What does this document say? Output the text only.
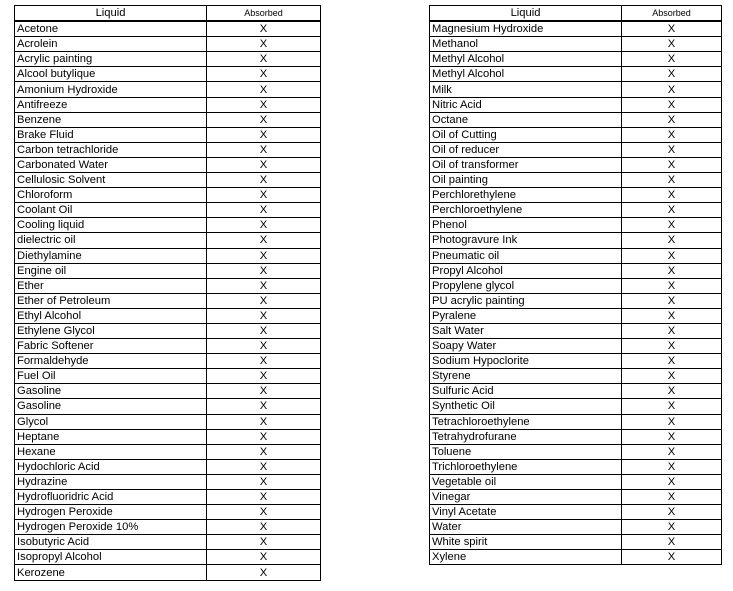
Liquid	Absorbed
Acetone	X
Acrolein	X
Acrylic painting	X
Alcool butylique	X
Amonium Hydroxide	X
Antifreeze	X
Benzene	X
Brake Fluid	X
Carbon tetrachloride	X
Carbonated Water	X
Cellulosic Solvent	X
Chloroform	X
Coolant Oil	X
Cooling liquid	X
dielectric oil	X
Diethylamine	X
Engine oil	X
Ether	X
Ether of Petroleum	X
Ethyl Alcohol	X
Ethylene Glycol	X
Fabric Softener	X
Formaldehyde	X
Fuel Oil	X
Gasoline	X
Gasoline	X
Glycol	X
Heptane	X
Hexane	X
Hydochloric Acid	X
Hydrazine	X
Hydrofluoridric Acid	X
Hydrogen Peroxide	X
Hydrogen Peroxide 10%	X
Isobutyric Acid	X
Isopropyl Alcohol	X
Kerozene	X
Liquid	Absorbed
Magnesium Hydroxide	X
Methanol	X
Methyl Alcohol	X
Methyl Alcohol	X
Milk	X
Nitric Acid	X
Octane	X
Oil of Cutting	X
Oil of reducer	X
Oil of transformer	X
Oil painting	X
Perchlorethylene	X
Perchloroethylene	X
Phenol	X
Photogravure Ink	X
Pneumatic oil	X
Propyl Alcohol	X
Propylene glycol	X
PU acrylic painting	X
Pyralene	X
Salt Water	X
Soapy Water	X
Sodium Hypoclorite	X
Styrene	X
Sulfuric Acid	X
Synthetic Oil	X
Tetrachloroethylene	X
Tetrahydrofurane	X
Toluene	X
Trichloroethylene	X
Vegetable oil	X
Vinegar	X
Vinyl Acetate	X
Water	X
White spirit	X
Xylene	X
